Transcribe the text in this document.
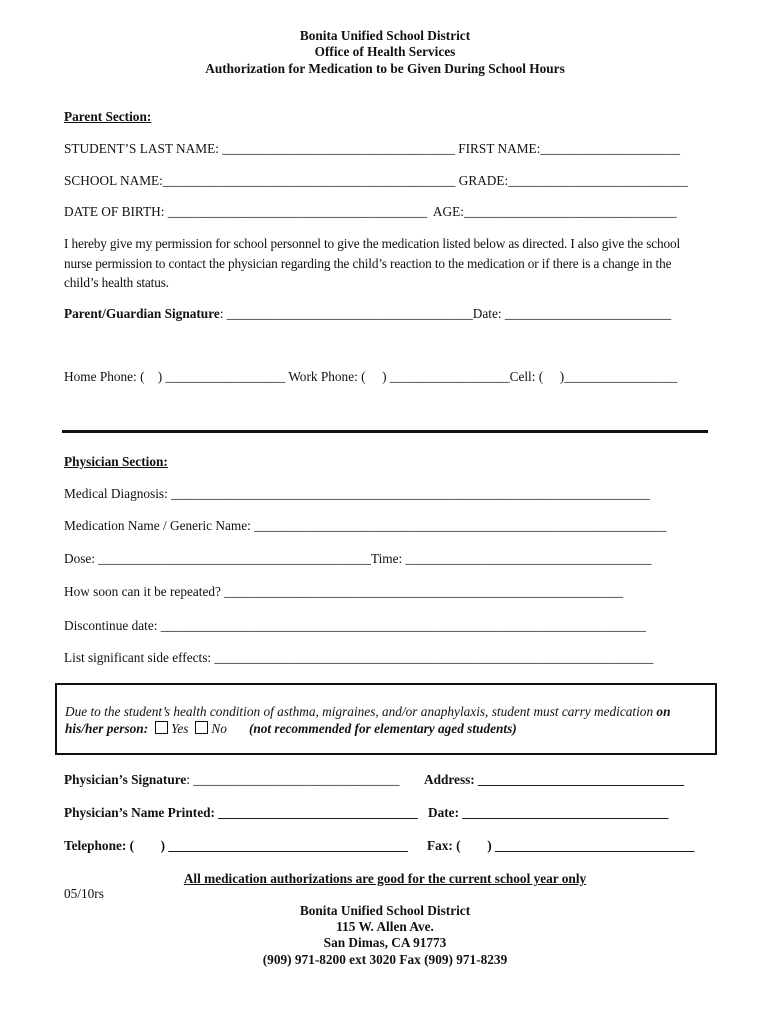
Bonita Unified School District
Office of Health Services
Authorization for Medication to be Given During School Hours
Parent Section:
STUDENT’S LAST NAME: ___________________________________ FIRST NAME:_____________________
SCHOOL NAME:____________________________________________ GRADE:___________________________
DATE OF BIRTH: _______________________________________  AGE:________________________________
I hereby give my permission for school personnel to give the medication listed below as directed. I also give the school nurse permission to contact the physician regarding the child’s reaction to the medication or if there is a change in the child’s health status.
Parent/Guardian Signature: _____________________________________Date: _________________________
Home Phone: (    ) __________________ Work Phone: (     ) __________________Cell: (     )_________________
Physician Section:
Medical Diagnosis: ________________________________________________________________________
Medication Name / Generic Name: ______________________________________________________________
Dose: _________________________________________Time: _____________________________________
How soon can it be repeated? ____________________________________________________________
Discontinue date: _________________________________________________________________________
List significant side effects: __________________________________________________________________
Due to the student’s health condition of asthma, migraines, and/or anaphylaxis, student must carry medication on
his/her person: Yes No (not recommended for elementary aged students)
Physician’s Signature: _______________________________ Address: _______________________________
Physician’s Name Printed: ______________________________ Date: _______________________________
Telephone: (        ) ____________________________________ Fax: (        ) ______________________________
All medication authorizations are good for the current school year only
05/10rs
Bonita Unified School District
115 W. Allen Ave.
San Dimas, CA 91773
(909) 971-8200 ext 3020 Fax (909) 971-8239
